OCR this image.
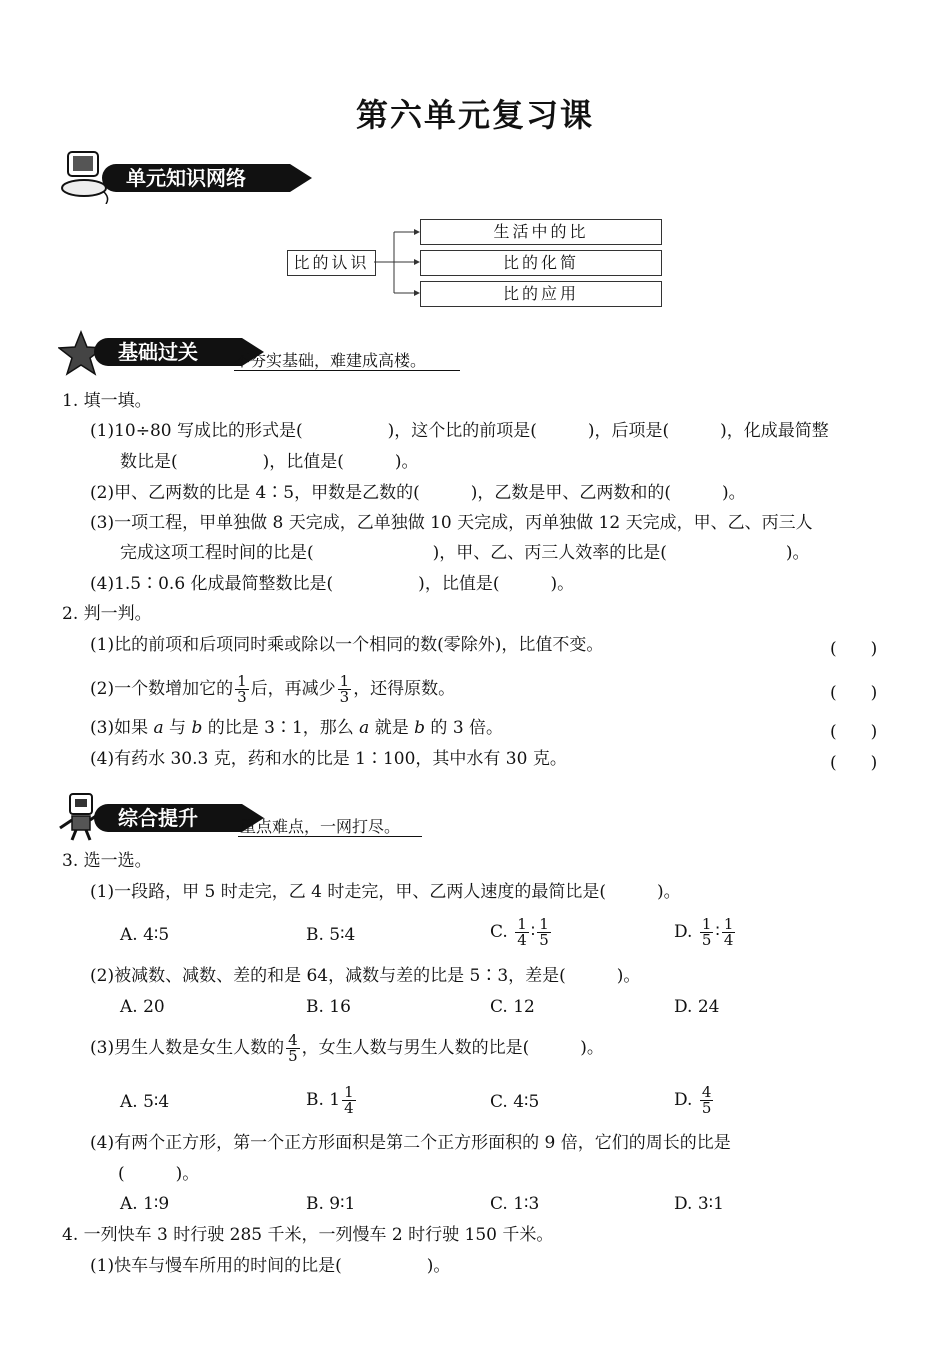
第六单元复习课
单元知识网络
比的认识
生活中的比
比的化简
比的应用
基础过关	不夯实基础，难建成高楼。
1. 填一填。
(1)10÷80 写成比的形式是(　　　　　)，这个比的前项是(　　　)，后项是(　　　)，化成最简整
数比是(　　　　　)，比值是(　　　)。
(2)甲、乙两数的比是 4∶5，甲数是乙数的(　　　)，乙数是甲、乙两数和的(　　　)。
(3)一项工程，甲单独做 8 天完成，乙单独做 10 天完成，丙单独做 12 天完成，甲、乙、丙三人
完成这项工程时间的比是(　　　　　　　)，甲、乙、丙三人效率的比是(　　　　　　　)。
(4)1.5∶0.6 化成最简整数比是(　　　　　)，比值是(　　　)。
2. 判一判。
(1)比的前项和后项同时乘或除以一个相同的数(零除外)，比值不变。	(　　)
(2)一个数增加它的 $\frac{1}{3}$ 后，再减少 $\frac{1}{3}$ ，还得原数。	(　　)
(3)如果 a 与 b 的比是 3∶1，那么 a 就是 b 的 3 倍。	(　　)
(4)有药水 30.3 克，药和水的比是 1∶100，其中水有 30 克。	(　　)
综合提升	重点难点，一网打尽。
3. 选一选。
(1)一段路，甲 5 时走完，乙 4 时走完，甲、乙两人速度的最简比是(　　　)。
A. 4∶5	B. 5∶4	C. $\frac{1}{4}$ ∶ $\frac{1}{5}$	D. $\frac{1}{5}$ ∶ $\frac{1}{4}$
(2)被减数、减数、差的和是 64，减数与差的比是 5∶3，差是(　　　)。
A. 20	B. 16	C. 12	D. 24
(3)男生人数是女生人数的 $\frac{4}{5}$ ，女生人数与男生人数的比是(　　　)。
A. 5∶4	B. $1 \frac{1}{4}$	C. 4∶5	D. $\frac{4}{5}$
(4)有两个正方形，第一个正方形面积是第二个正方形面积的 9 倍，它们的周长的比是
(　　　)。
A. 1∶9	B. 9∶1	C. 1∶3	D. 3∶1
4. 一列快车 3 时行驶 285 千米，一列慢车 2 时行驶 150 千米。
(1)快车与慢车所用的时间的比是(　　　　　)。
